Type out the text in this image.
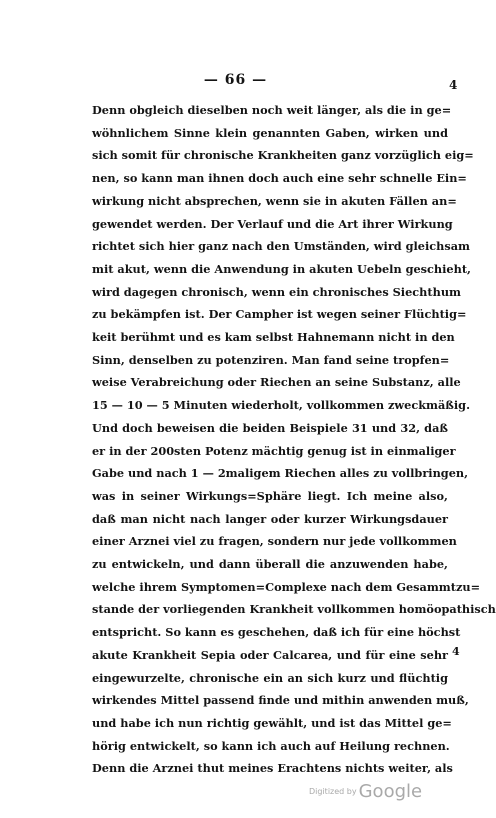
— 66 —	4
Denn obgleich dieselben noch weit länger, als die in ge=
wöhnlichem Sinne klein genannten Gaben, wirken und
sich somit für chronische Krankheiten ganz vorzüglich eig=
nen, so kann man ihnen doch auch eine sehr schnelle Ein=
wirkung nicht absprechen, wenn sie in akuten Fällen an=
gewendet werden. Der Verlauf und die Art ihrer Wirkung
richtet sich hier ganz nach den Umständen, wird gleichsam
mit akut, wenn die Anwendung in akuten Uebeln geschieht,
wird dagegen chronisch, wenn ein chronisches Siechthum
zu bekämpfen ist. Der Campher ist wegen seiner Flüchtig=
keit berühmt und es kam selbst Hahnemann nicht in den
Sinn, denselben zu potenziren. Man fand seine tropfen=
weise Verabreichung oder Riechen an seine Substanz, alle
15 — 10 — 5 Minuten wiederholt, vollkommen zweckmäßig.
Und doch beweisen die beiden Beispiele 31 und 32, daß
er in der 200sten Potenz mächtig genug ist in einmaliger
Gabe und nach 1 — 2maligem Riechen alles zu vollbringen,
was in seiner Wirkungs=Sphäre liegt. Ich meine also,
daß man nicht nach langer oder kurzer Wirkungsdauer
einer Arznei viel zu fragen, sondern nur jede vollkommen
zu entwickeln, und dann überall die anzuwenden habe,
welche ihrem Symptomen=Complexe nach dem Gesammtzu=
stande der vorliegenden Krankheit vollkommen homöopathisch
entspricht. So kann es geschehen, daß ich für eine höchst
akute Krankheit Sepia oder Calcarea, und für eine sehr
eingewurzelte, chronische ein an sich kurz und flüchtig
wirkendes Mittel passend finde und mithin anwenden muß,
und habe ich nun richtig gewählt, und ist das Mittel ge=
hörig entwickelt, so kann ich auch auf Heilung rechnen.
Denn die Arznei thut meines Erachtens nichts weiter, als
4
Digitized by Google
